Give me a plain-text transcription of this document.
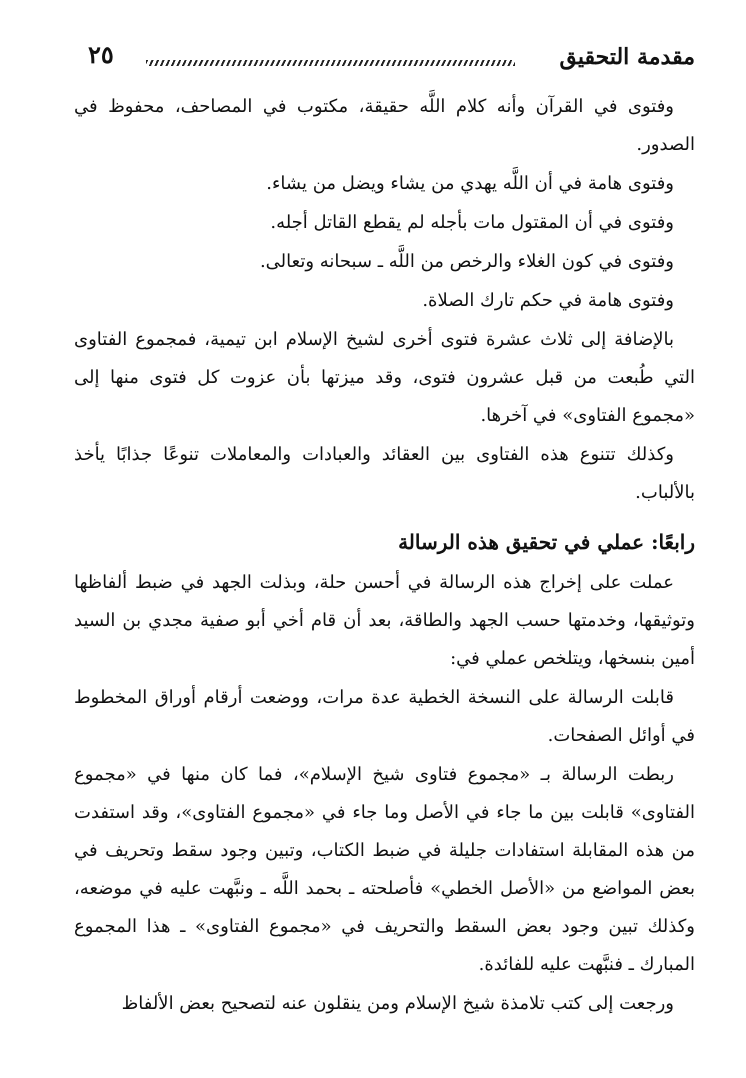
مقدمة التحقيق
٢٥

وفتوى في القرآن وأنه كلام اللَّه حقيقة، مكتوب في المصاحف، محفوظ في الصدور.

وفتوى هامة في أن اللَّه يهدي من يشاء ويضل من يشاء.

وفتوى في أن المقتول مات بأجله لم يقطع القاتل أجله.

وفتوى في كون الغلاء والرخص من اللَّه ـ سبحانه وتعالى.

وفتوى هامة في حكم تارك الصلاة.

بالإضافة إلى ثلاث عشرة فتوى أخرى لشيخ الإسلام ابن تيمية، فمجموع الفتاوى التي طُبعت من قبل عشرون فتوى، وقد ميزتها بأن عزوت كل فتوى منها إلى «مجموع الفتاوى» في آخرها.

وكذلك تتنوع هذه الفتاوى بين العقائد والعبادات والمعاملات تنوعًا جذابًا يأخذ بالألباب.

رابعًا: عملي في تحقيق هذه الرسالة

عملت على إخراج هذه الرسالة في أحسن حلة، وبذلت الجهد في ضبط ألفاظها وتوثيقها، وخدمتها حسب الجهد والطاقة، بعد أن قام أخي أبو صفية مجدي بن السيد أمين بنسخها، ويتلخص عملي في:

قابلت الرسالة على النسخة الخطية عدة مرات، ووضعت أرقام أوراق المخطوط في أوائل الصفحات.

ربطت الرسالة بـ «مجموع فتاوى شيخ الإسلام»، فما كان منها في «مجموع الفتاوى» قابلت بين ما جاء في الأصل وما جاء في «مجموع الفتاوى»، وقد استفدت من هذه المقابلة استفادات جليلة في ضبط الكتاب، وتبين وجود سقط وتحريف في بعض المواضع من «الأصل الخطي» فأصلحته ـ بحمد اللَّه ـ ونبَّهت عليه في موضعه، وكذلك تبين وجود بعض السقط والتحريف في «مجموع الفتاوى» ـ هذا المجموع المبارك ـ فنبَّهت عليه للفائدة.

ورجعت إلى كتب تلامذة شيخ الإسلام ومن ينقلون عنه لتصحيح بعض الألفاظ
